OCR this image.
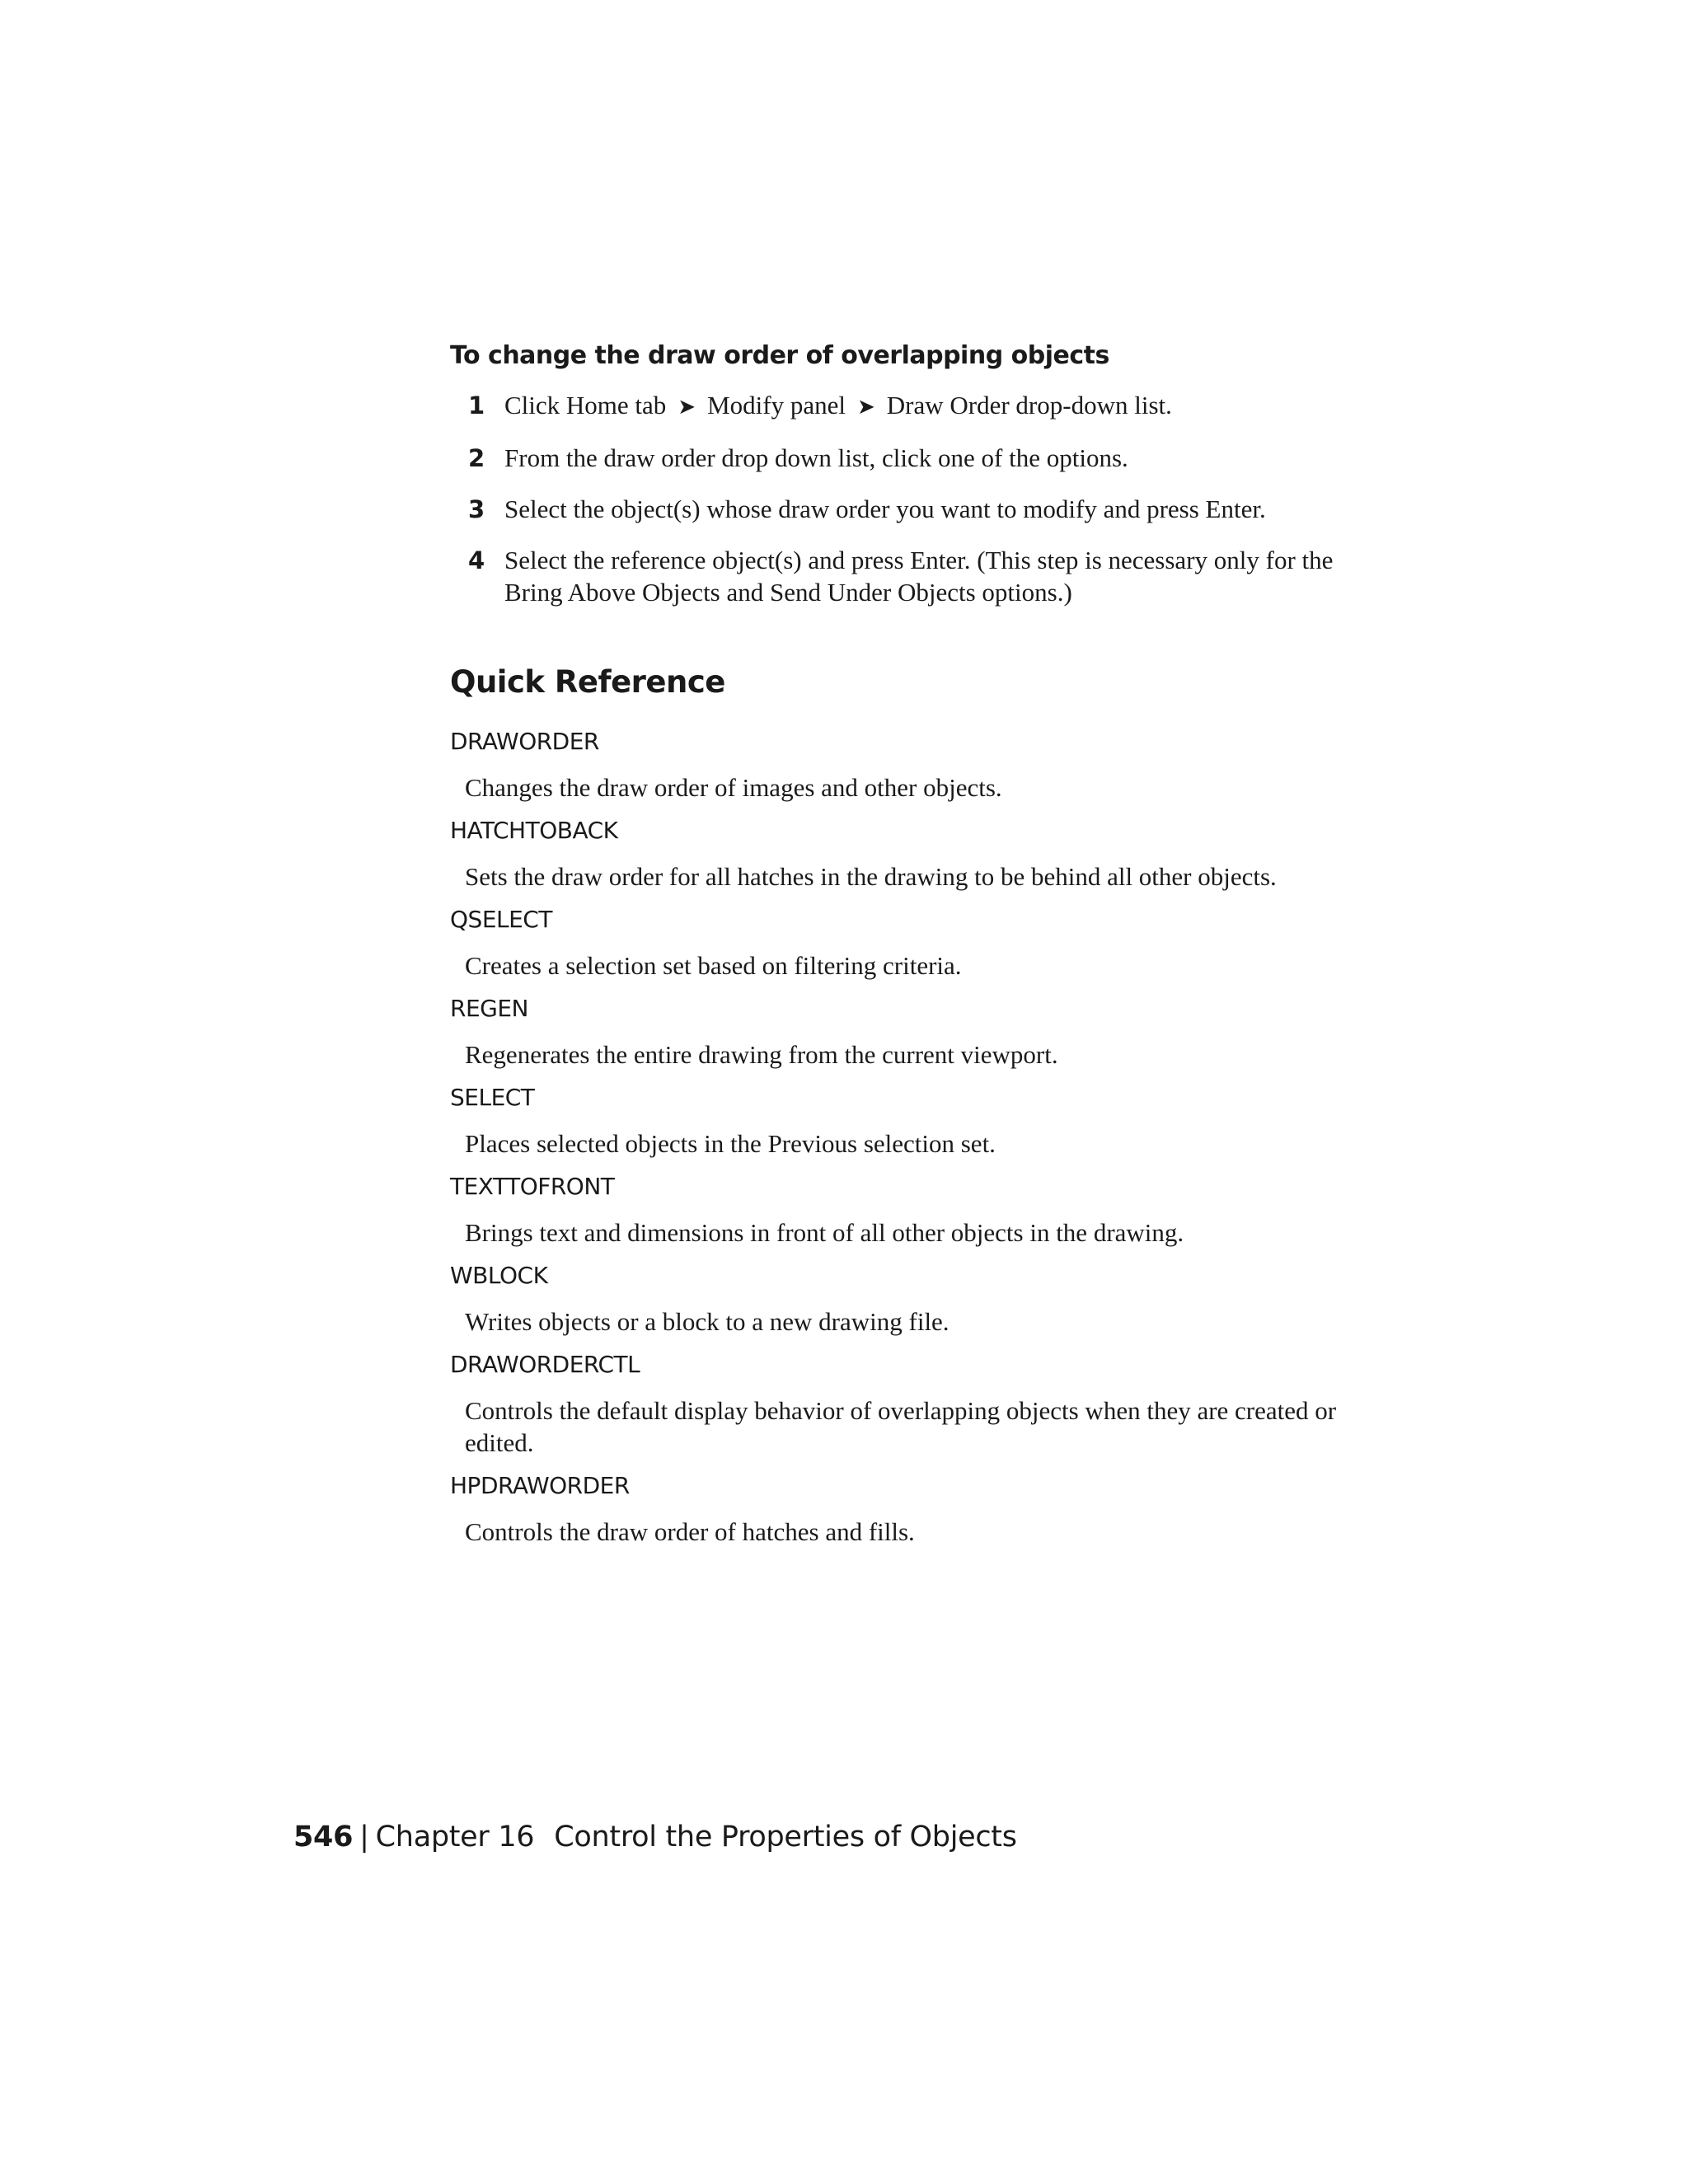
To change the draw order of overlapping objects
1 Click Home tab ➤ Modify panel ➤ Draw Order drop-down list.
2 From the draw order drop down list, click one of the options.
3 Select the object(s) whose draw order you want to modify and press Enter.
4 Select the reference object(s) and press Enter. (This step is necessary only for the Bring Above Objects and Send Under Objects options.)
Quick Reference
DRAWORDER
Changes the draw order of images and other objects.
HATCHTOBACK
Sets the draw order for all hatches in the drawing to be behind all other objects.
QSELECT
Creates a selection set based on filtering criteria.
REGEN
Regenerates the entire drawing from the current viewport.
SELECT
Places selected objects in the Previous selection set.
TEXTTOFRONT
Brings text and dimensions in front of all other objects in the drawing.
WBLOCK
Writes objects or a block to a new drawing file.
DRAWORDERCTL
Controls the default display behavior of overlapping objects when they are created or edited.
HPDRAWORDER
Controls the draw order of hatches and fills.
546 | Chapter 16 Control the Properties of Objects
